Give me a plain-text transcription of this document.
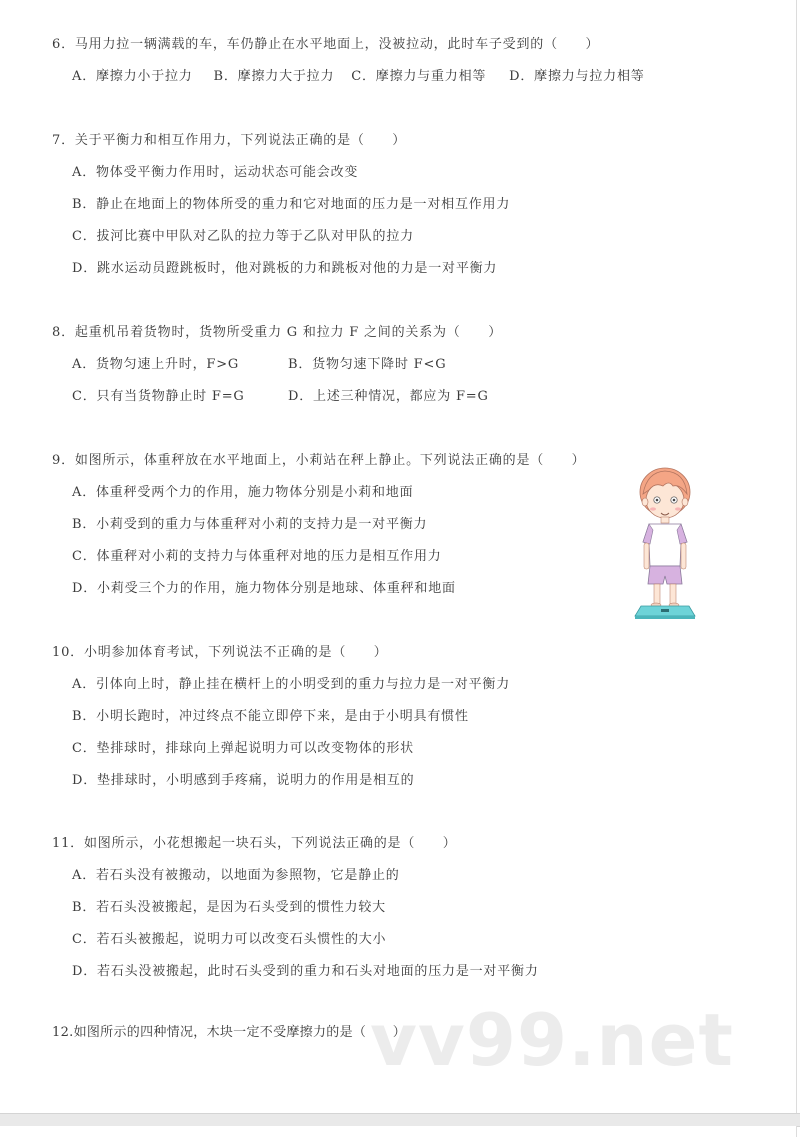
6．马用力拉一辆满载的车，车仍静止在水平地面上，没被拉动，此时车子受到的（　　）
A．摩擦力小于拉力 B．摩擦力大于拉力 C．摩擦力与重力相等 D．摩擦力与拉力相等
7．关于平衡力和相互作用力，下列说法正确的是（　　）
A．物体受平衡力作用时，运动状态可能会改变
B．静止在地面上的物体所受的重力和它对地面的压力是一对相互作用力
C．拔河比赛中甲队对乙队的拉力等于乙队对甲队的拉力
D．跳水运动员蹬跳板时，他对跳板的力和跳板对他的力是一对平衡力
8．起重机吊着货物时，货物所受重力 G 和拉力 F 之间的关系为（　　）
A．货物匀速上升时，F>G	B．货物匀速下降时 F<G
C．只有当货物静止时 F=G	D．上述三种情况，都应为 F=G
9．如图所示，体重秤放在水平地面上，小莉站在秤上静止。下列说法正确的是（　　）
A．体重秤受两个力的作用，施力物体分别是小莉和地面
B．小莉受到的重力与体重秤对小莉的支持力是一对平衡力
C．体重秤对小莉的支持力与体重秤对地的压力是相互作用力
D．小莉受三个力的作用，施力物体分别是地球、体重秤和地面
10．小明参加体育考试，下列说法不正确的是（　　）
A．引体向上时，静止挂在横杆上的小明受到的重力与拉力是一对平衡力
B．小明长跑时，冲过终点不能立即停下来，是由于小明具有惯性
C．垫排球时，排球向上弹起说明力可以改变物体的形状
D．垫排球时，小明感到手疼痛，说明力的作用是相互的
11．如图所示，小花想搬起一块石头，下列说法正确的是（　　）
A．若石头没有被搬动，以地面为参照物，它是静止的
B．若石头没被搬起，是因为石头受到的惯性力较大
C．若石头被搬起，说明力可以改变石头惯性的大小
D．若石头没被搬起，此时石头受到的重力和石头对地面的压力是一对平衡力
vv99.net
12.如图所示的四种情况，木块一定不受摩擦力的是（　　）
